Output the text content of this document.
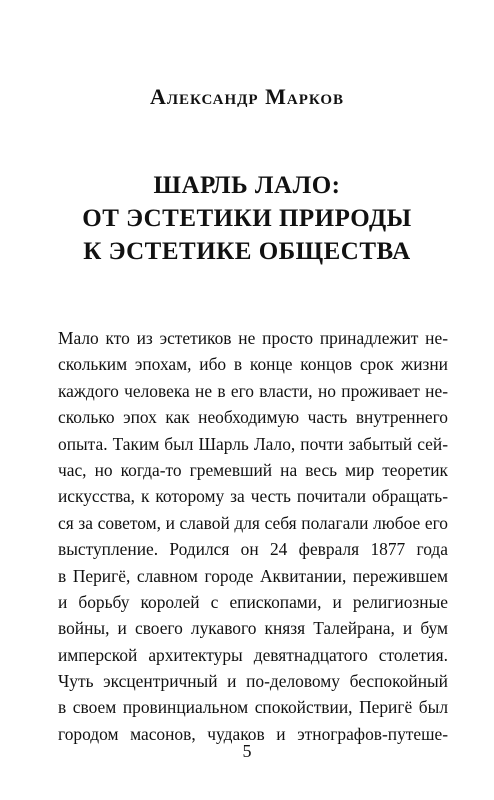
Александр Марков
ШАРЛЬ ЛАЛО:
ОТ ЭСТЕТИКИ ПРИРОДЫ
К ЭСТЕТИКЕ ОБЩЕСТВА
Мало кто из эстетиков не просто принадлежит не-
скольким эпохам, ибо в конце концов срок жизни
каждого человека не в его власти, но проживает не-
сколько эпох как необходимую часть внутреннего
опыта. Таким был Шарль Лало, почти забытый сей-
час, но когда-то гремевший на весь мир теоретик
искусства, к которому за честь почитали обращать-
ся за советом, и славой для себя полагали любое его
выступление. Родился он 24 февраля 1877 года
в Перигё, славном городе Аквитании, пережившем
и борьбу королей с епископами, и религиозные
войны, и своего лукавого князя Талейрана, и бум
имперской архитектуры девятнадцатого столетия.
Чуть эксцентричный и по-деловому беспокойный
в своем провинциальном спокойствии, Перигё был
городом масонов, чудаков и этнографов-путеше-
5
